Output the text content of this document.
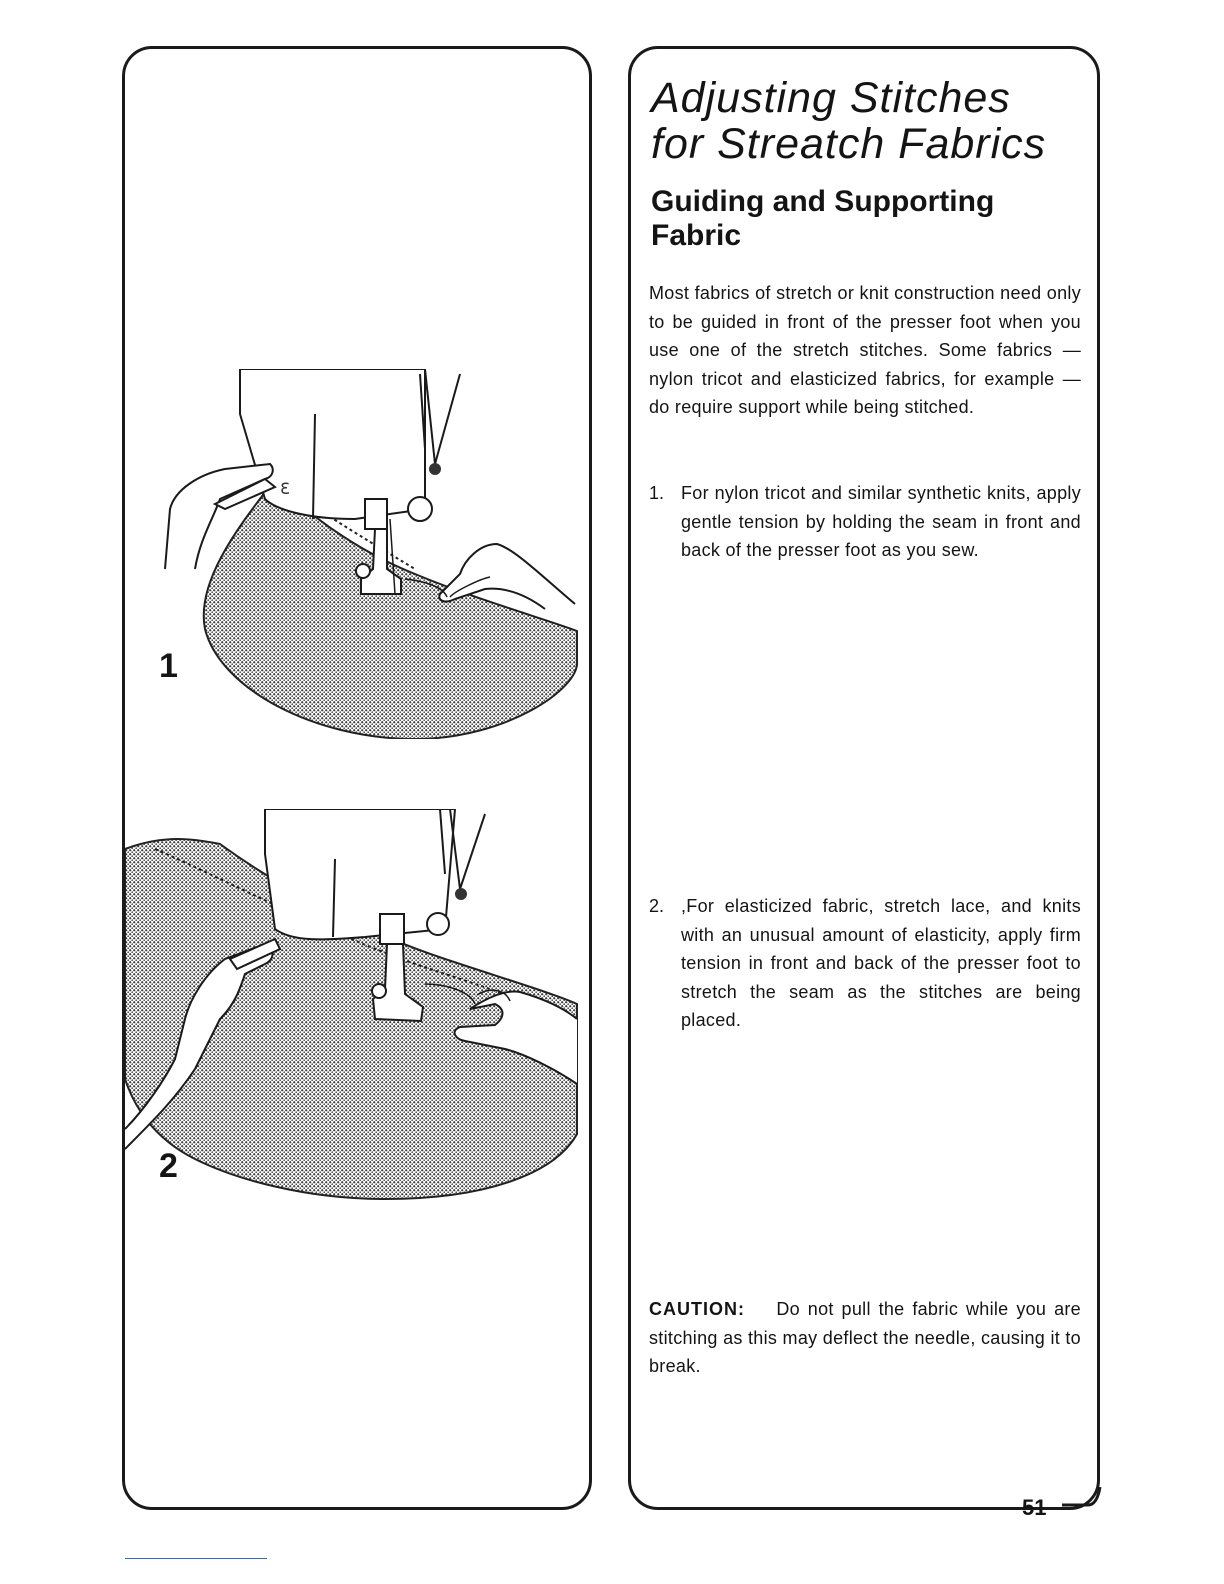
ℇ
1
2
Adjusting Stitches
for Streatch Fabrics
Guiding and Supporting Fabric

Most fabrics of stretch or knit construction need only to be guided in front of the presser foot when you use one of the stretch stitches. Some fabrics — nylon tricot and elasticized fabrics, for example — do require support while being stitched.

1. For nylon tricot and similar synthetic knits, apply gentle tension by holding the seam in front and back of the presser foot as you sew.

2. ,For elasticized fabric, stretch lace, and knits with an unusual amount of elasticity, apply firm tension in front and back of the presser foot to stretch the seam as the stitches are being placed.

CAUTION: Do not pull the fabric while you are stitching as this may deflect the needle, causing it to break.

51
